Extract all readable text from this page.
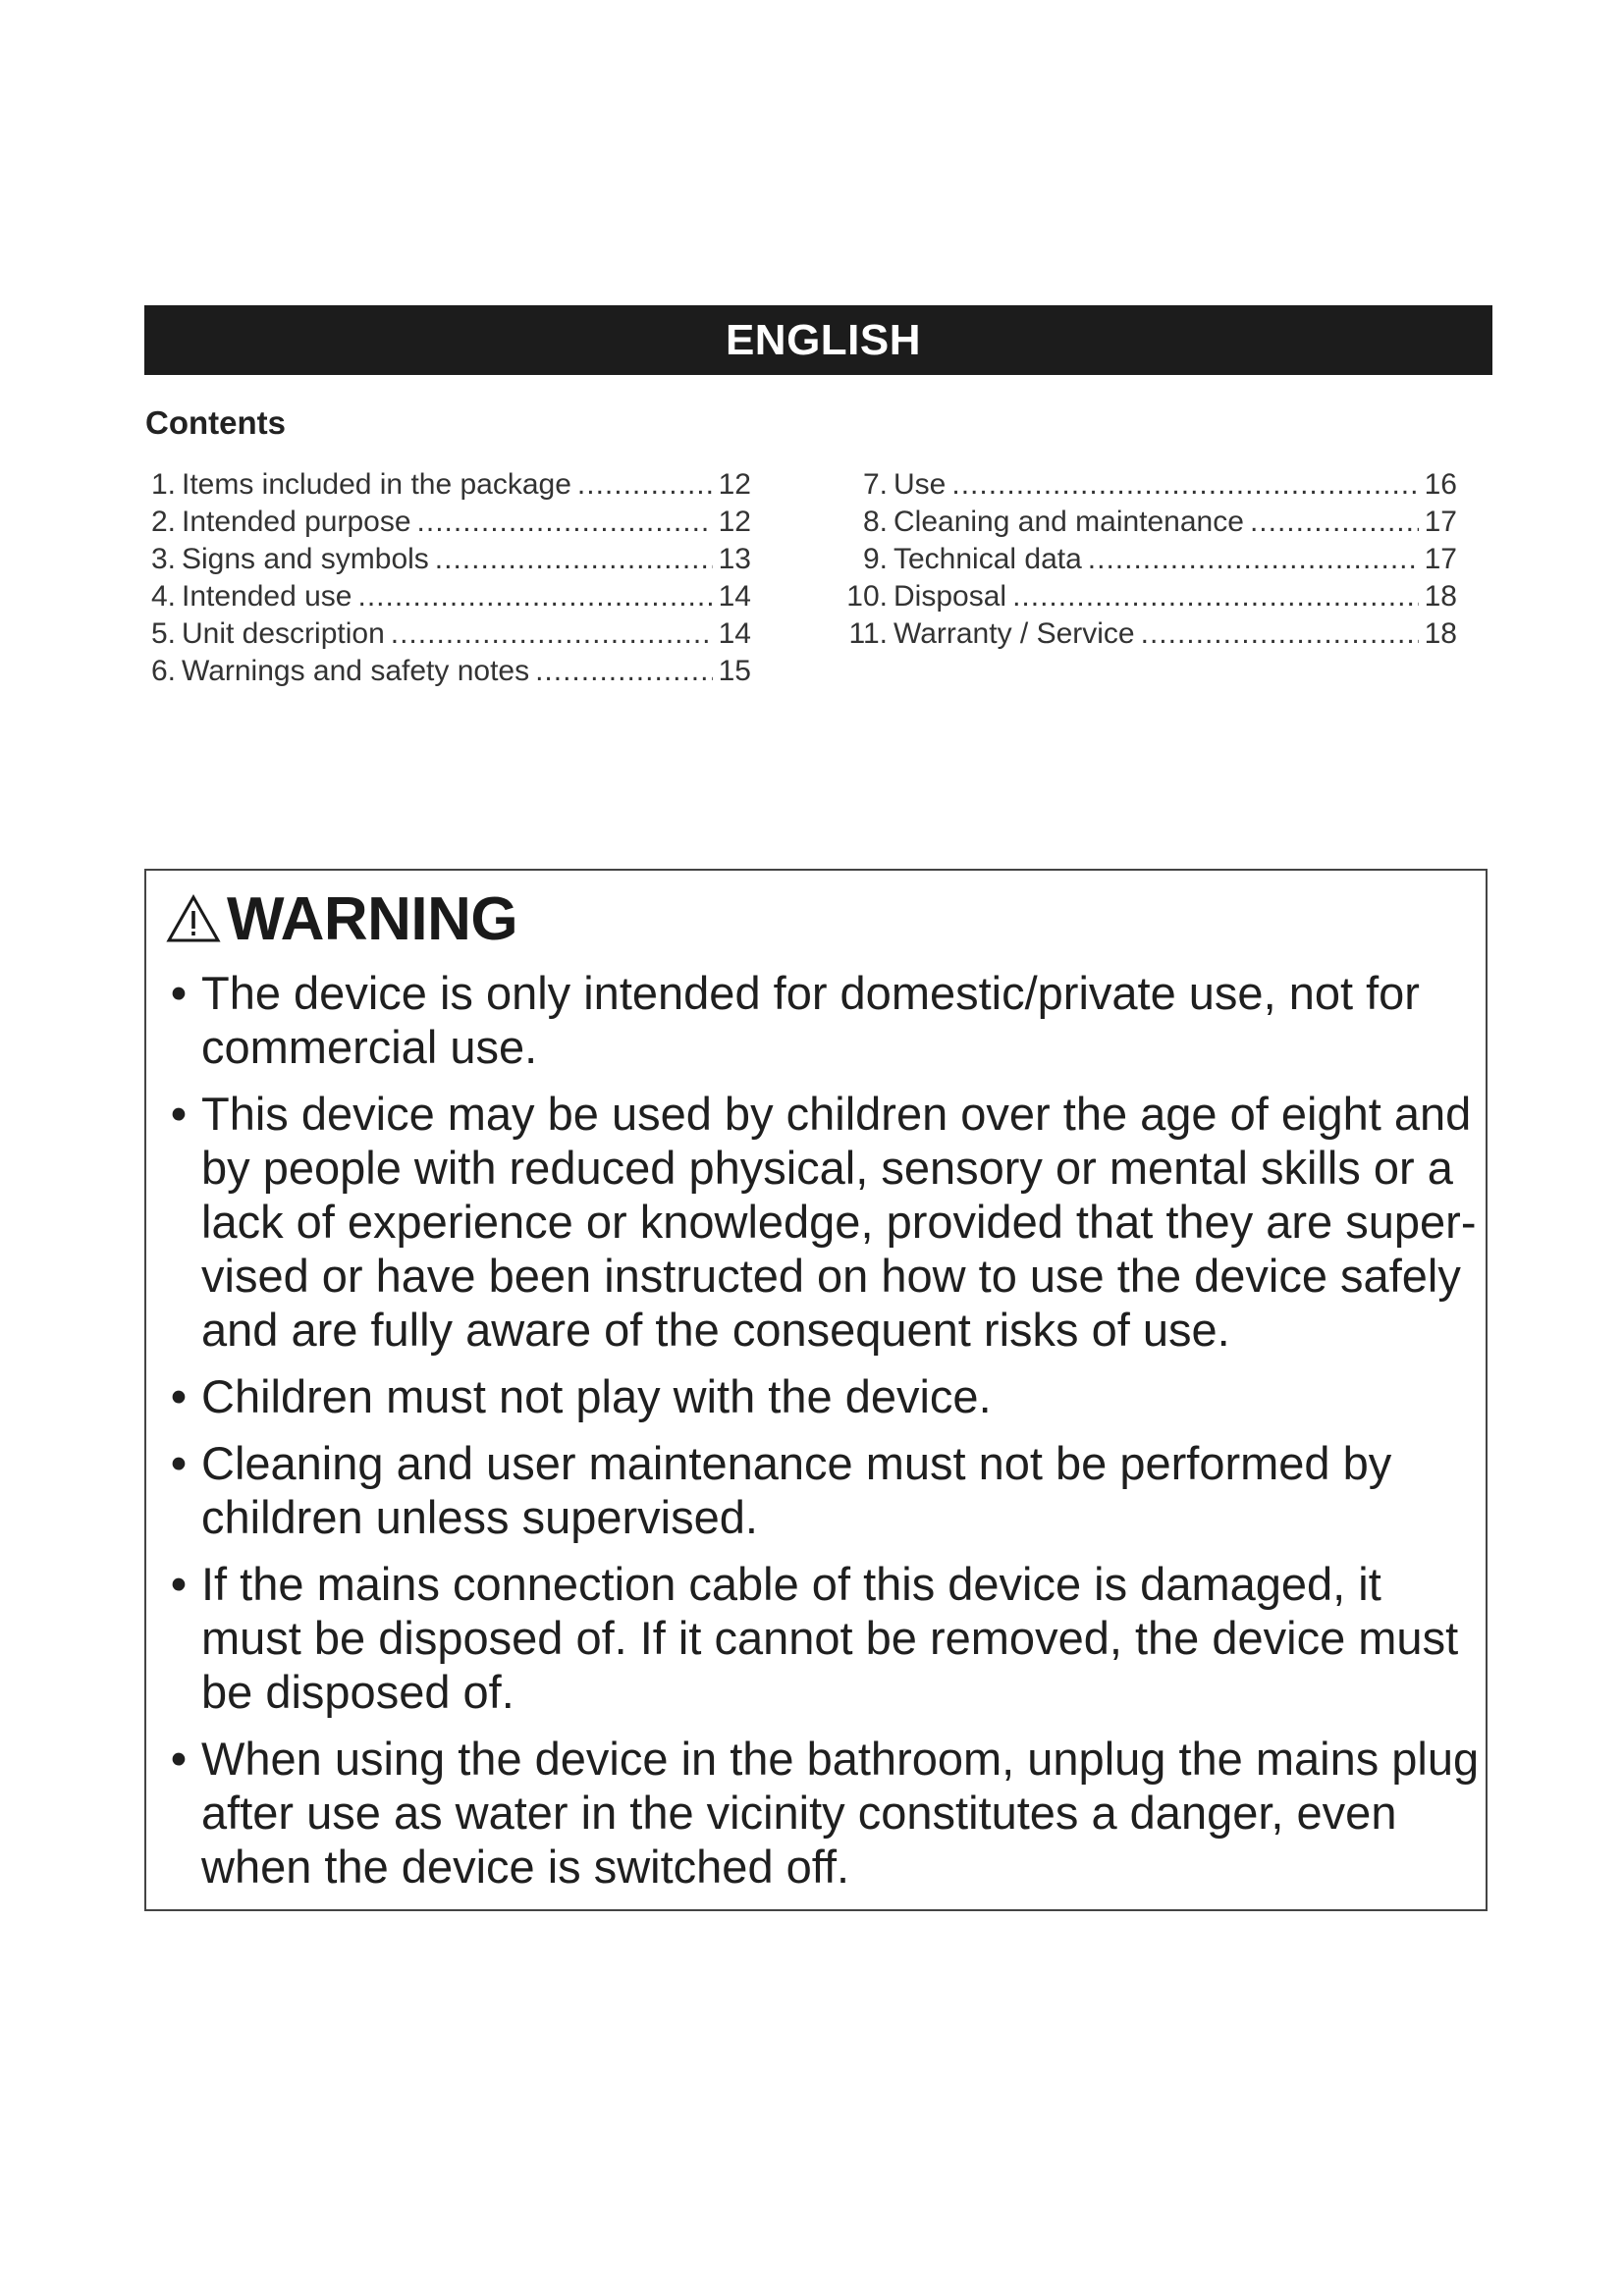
ENGLISH
Contents
1. Items included in the package .....	12
2. Intended purpose .....	12
3. Signs and symbols .....	13
4. Intended use .....	14
5. Unit description .....	14
6. Warnings and safety notes .....	15
7. Use .....	16
8. Cleaning and maintenance .....	17
9. Technical data .....	17
10. Disposal .....	18
11. Warranty / Service .....	18
WARNING
• The device is only intended for domestic/private use, not for commercial use.
• This device may be used by children over the age of eight and by people with reduced physical, sensory or mental skills or a lack of experience or knowledge, provided that they are super-vised or have been instructed on how to use the device safely and are fully aware of the consequent risks of use.
• Children must not play with the device.
• Cleaning and user maintenance must not be performed by children unless supervised.
• If the mains connection cable of this device is damaged, it must be disposed of. If it cannot be removed, the device must be disposed of.
• When using the device in the bathroom, unplug the mains plug after use as water in the vicinity constitutes a danger, even when the device is switched off.
